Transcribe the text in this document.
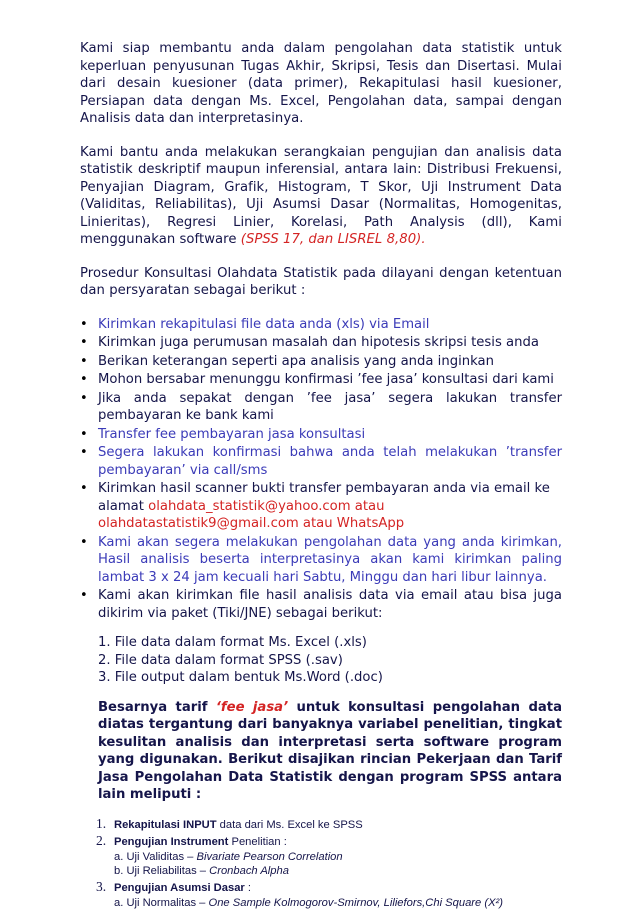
Kami siap membantu anda dalam pengolahan data statistik untuk keperluan penyusunan Tugas Akhir, Skripsi, Tesis dan Disertasi. Mulai dari desain kuesioner (data primer), Rekapitulasi hasil kuesioner, Persiapan data dengan Ms. Excel, Pengolahan data, sampai dengan Analisis data dan interpretasinya.

Kami bantu anda melakukan serangkaian pengujian dan analisis data statistik deskriptif maupun inferensial, antara lain: Distribusi Frekuensi, Penyajian Diagram, Grafik, Histogram, T Skor, Uji Instrument Data (Validitas, Reliabilitas), Uji Asumsi Dasar (Normalitas, Homogenitas, Linieritas), Regresi Linier, Korelasi, Path Analysis (dll), Kami menggunakan software (SPSS 17, dan LISREL 8,80).

Prosedur Konsultasi Olahdata Statistik pada dilayani dengan ketentuan dan persyaratan sebagai berikut :

• Kirimkan rekapitulasi file data anda (xls) via Email
• Kirimkan juga perumusan masalah dan hipotesis skripsi tesis anda
• Berikan keterangan seperti apa analisis yang anda inginkan
• Mohon bersabar menunggu konfirmasi ’fee jasa’ konsultasi dari kami
• Jika anda sepakat dengan ’fee jasa’ segera lakukan transfer pembayaran ke bank kami
• Transfer fee pembayaran jasa konsultasi
• Segera lakukan konfirmasi bahwa anda telah melakukan ’transfer pembayaran’ via call/sms
• Kirimkan hasil scanner bukti transfer pembayaran anda via email ke alamat olahdata_statistik@yahoo.com atau
olahdatastatistik9@gmail.com atau WhatsApp
• Kami akan segera melakukan pengolahan data yang anda kirimkan, Hasil analisis beserta interpretasinya akan kami kirimkan paling lambat 3 x 24 jam kecuali hari Sabtu, Minggu dan hari libur lainnya.
• Kami akan kirimkan file hasil analisis data via email atau bisa juga dikirim via paket (Tiki/JNE) sebagai berikut:
1. File data dalam format Ms. Excel (.xls)
2. File data dalam format SPSS (.sav)
3. File output dalam bentuk Ms.Word (.doc)

Besarnya tarif ‘fee jasa’ untuk konsultasi pengolahan data diatas tergantung dari banyaknya variabel penelitian, tingkat kesulitan analisis dan interpretasi serta software program yang digunakan. Berikut disajikan rincian Pekerjaan dan Tarif Jasa Pengolahan Data Statistik dengan program SPSS antara lain meliputi :

1. Rekapitulasi INPUT data dari Ms. Excel ke SPSS
2. Pengujian Instrument Penelitian :
a. Uji Validitas – Bivariate Pearson Correlation
b. Uji Reliabilitas – Cronbach Alpha
3. Pengujian Asumsi Dasar :
a. Uji Normalitas – One Sample Kolmogorov-Smirnov, Liliefors,Chi Square (X²)
